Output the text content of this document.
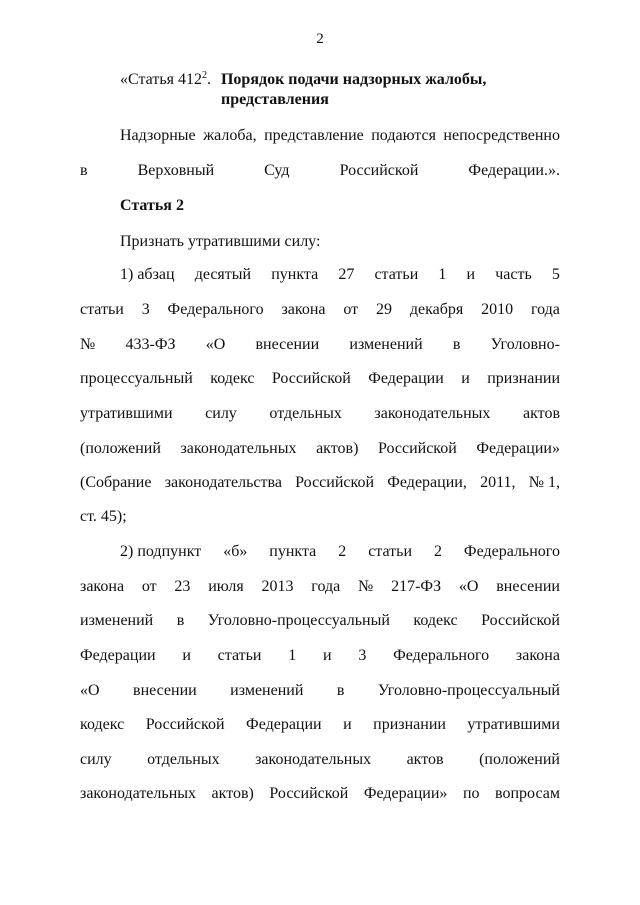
2
«Статья $412^2$. Порядок подачи надзорных жалобы,
представления
Надзорные жалоба, представление подаются непосредственно
в	Верховный	Суд	Российской	Федерации.».
Статья 2
Признать утратившими силу:
1) абзац десятый пункта 27 статьи 1 и часть 5
статьи 3 Федерального закона от 29 декабря 2010 года
№ 433-ФЗ «О внесении изменений в Уголовно-
процессуальный кодекс Российской Федерации и признании
утратившими силу отдельных законодательных актов
(положений законодательных актов) Российской Федерации»
(Собрание законодательства Российской Федерации, 2011, № 1,
ст. 45);
2) подпункт «б» пункта 2 статьи 2 Федерального
закона от 23 июля 2013 года № 217-ФЗ «О внесении
изменений в Уголовно-процессуальный кодекс Российской
Федерации и статьи 1 и 3 Федерального закона
«О внесении изменений в Уголовно-процессуальный
кодекс Российской Федерации и признании утратившими
силу отдельных законодательных актов (положений
законодательных актов) Российской Федерации» по вопросам
